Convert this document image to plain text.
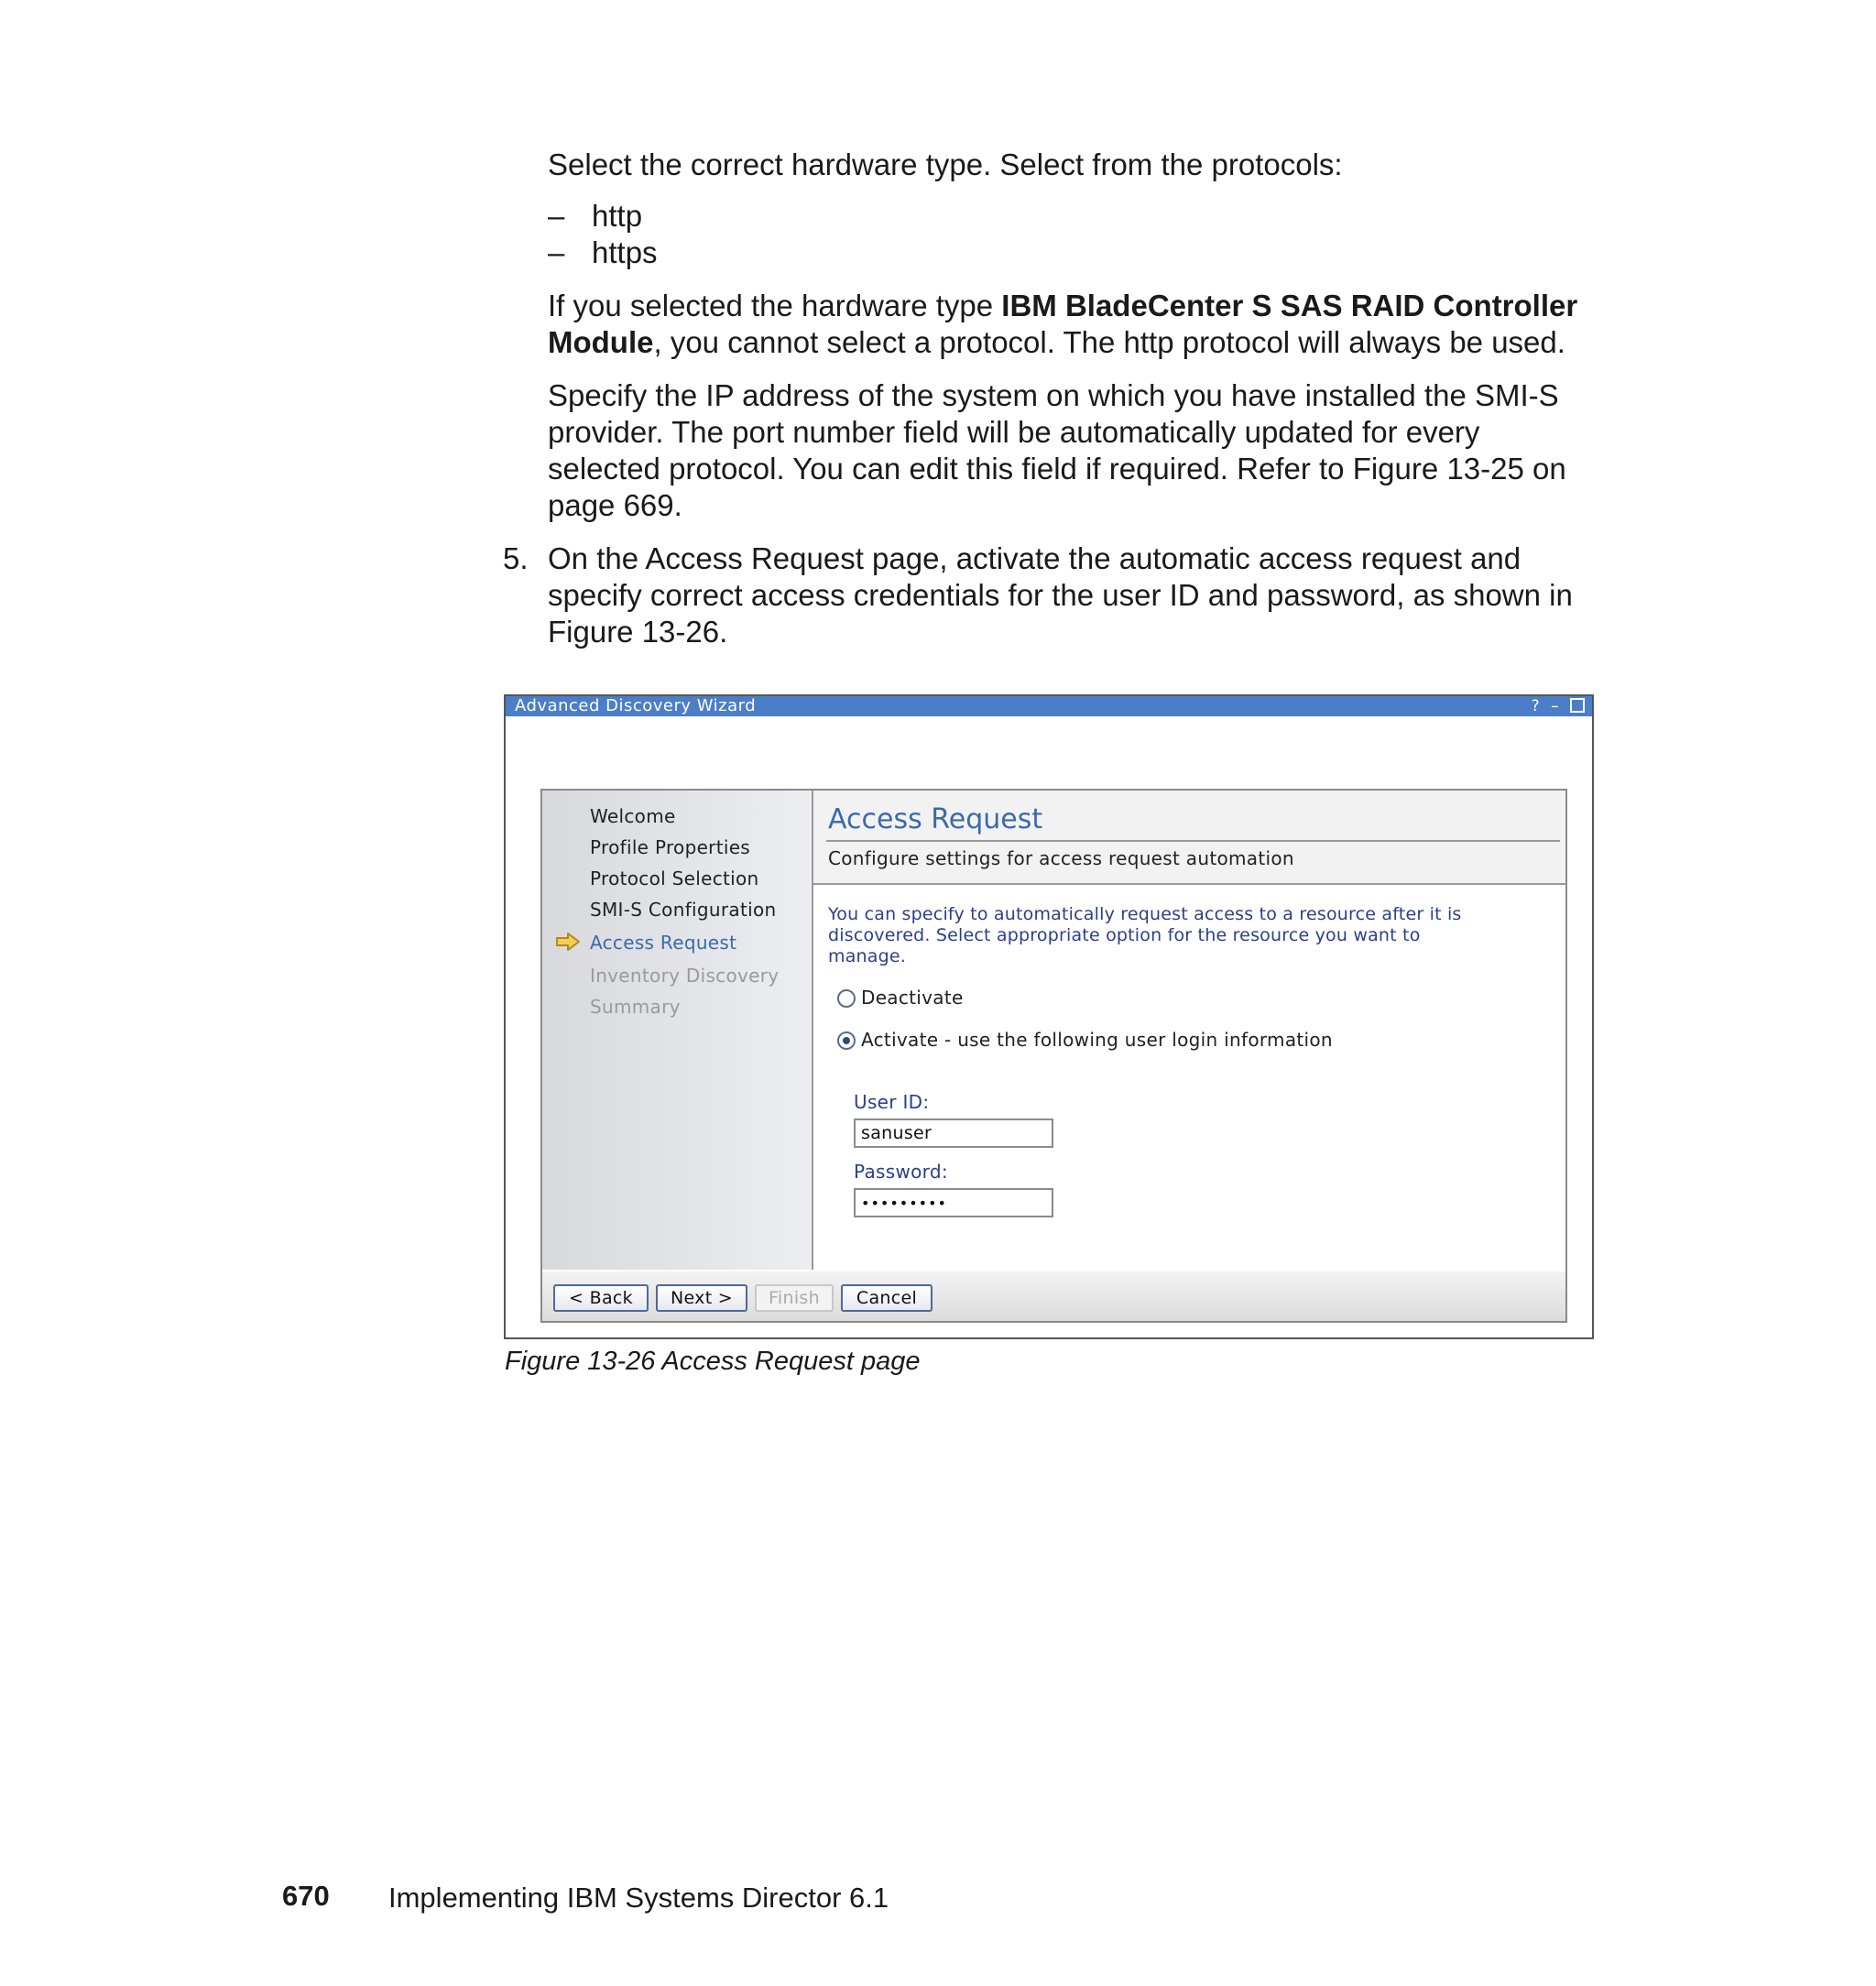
Select the correct hardware type. Select from the protocols:
– http
– https
If you selected the hardware type IBM BladeCenter S SAS RAID Controller
Module, you cannot select a protocol. The http protocol will always be used.
Specify the IP address of the system on which you have installed the SMI-S
provider. The port number field will be automatically updated for every
selected protocol. You can edit this field if required. Refer to Figure 13-25 on
page 669.
5. On the Access Request page, activate the automatic access request and
specify correct access credentials for the user ID and password, as shown in
Figure 13-26.
Advanced Discovery Wizard	? –
Welcome
Profile Properties
Protocol Selection
SMI-S Configuration
Access Request
Inventory Discovery
Summary
Access Request
Configure settings for access request automation
You can specify to automatically request access to a resource after it is
discovered. Select appropriate option for the resource you want to
manage.
Deactivate
Activate - use the following user login information
User ID:
sanuser
Password:
•••••••••
< Back	Next >	Finish	Cancel
Figure 13-26 Access Request page
670 Implementing IBM Systems Director 6.1
